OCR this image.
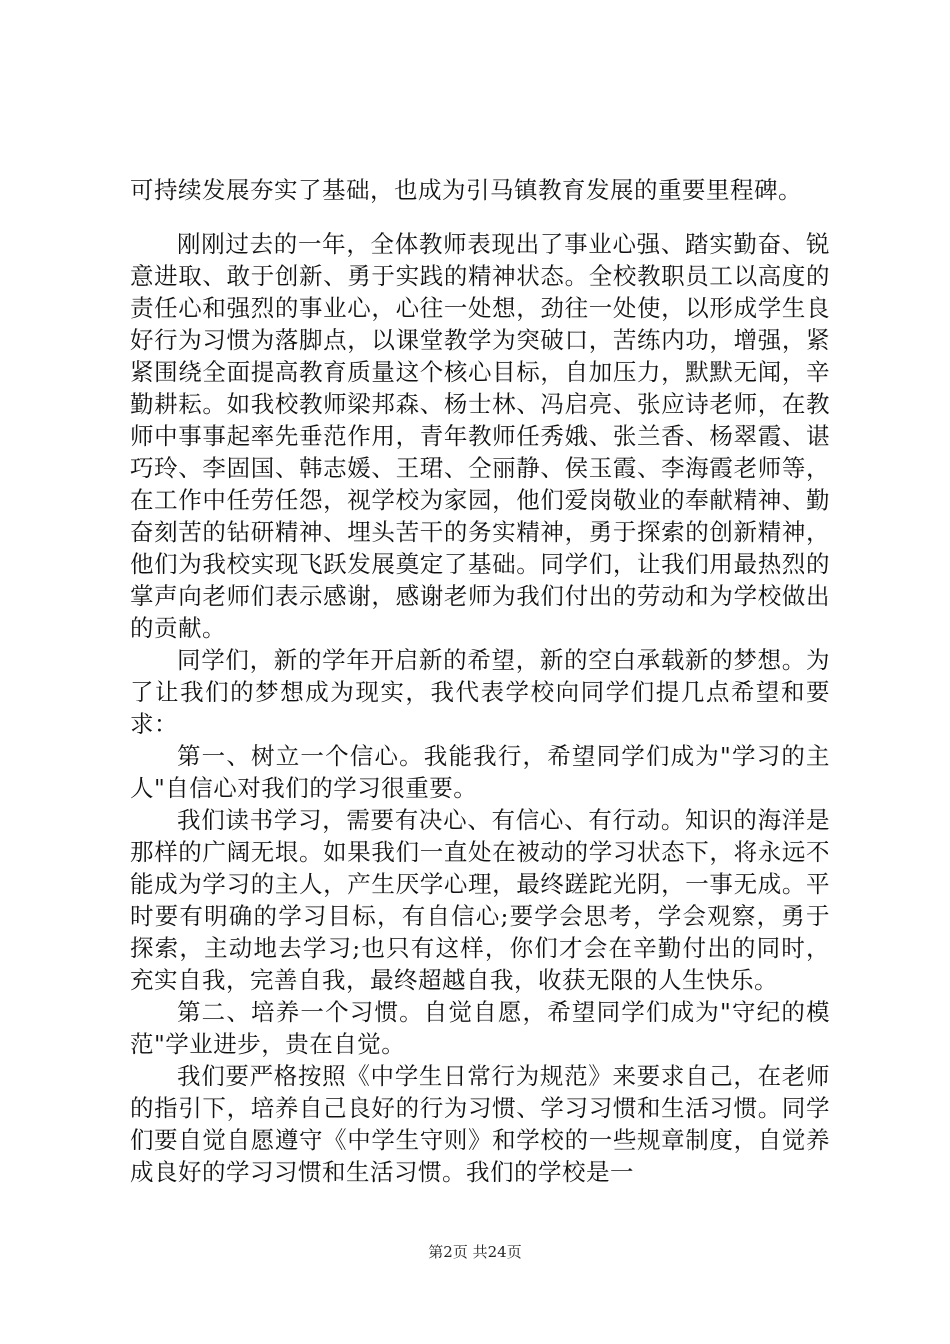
可持续发展夯实了基础，也成为引马镇教育发展的重要里程碑。

刚刚过去的一年，全体教师表现出了事业心强、踏实勤奋、锐意进取、敢于创新、勇于实践的精神状态。全校教职员工以高度的责任心和强烈的事业心，心往一处想，劲往一处使，以形成学生良好行为习惯为落脚点，以课堂教学为突破口，苦练内功，增强，紧紧围绕全面提高教育质量这个核心目标，自加压力，默默无闻，辛勤耕耘。如我校教师梁邦森、杨士林、冯启亮、张应诗老师，在教师中事事起率先垂范作用，青年教师任秀娥、张兰香、杨翠霞、谌巧玲、李固国、韩志媛、王珺、仝丽静、侯玉霞、李海霞老师等，在工作中任劳任怨，视学校为家园，他们爱岗敬业的奉献精神、勤奋刻苦的钻研精神、埋头苦干的务实精神，勇于探索的创新精神，他们为我校实现飞跃发展奠定了基础。同学们，让我们用最热烈的掌声向老师们表示感谢，感谢老师为我们付出的劳动和为学校做出的贡献。

同学们，新的学年开启新的希望，新的空白承载新的梦想。为了让我们的梦想成为现实，我代表学校向同学们提几点希望和要求：

第一、树立一个信心。我能我行，希望同学们成为"学习的主人"自信心对我们的学习很重要。

我们读书学习，需要有决心、有信心、有行动。知识的海洋是那样的广阔无垠。如果我们一直处在被动的学习状态下，将永远不能成为学习的主人，产生厌学心理，最终蹉跎光阴，一事无成。平时要有明确的学习目标，有自信心;要学会思考，学会观察，勇于探索，主动地去学习;也只有这样，你们才会在辛勤付出的同时，充实自我，完善自我，最终超越自我，收获无限的人生快乐。

第二、培养一个习惯。自觉自愿，希望同学们成为"守纪的模范"学业进步，贵在自觉。

我们要严格按照《中学生日常行为规范》来要求自己，在老师的指引下，培养自己良好的行为习惯、学习习惯和生活习惯。同学们要自觉自愿遵守《中学生守则》和学校的一些规章制度，自觉养成良好的学习习惯和生活习惯。我们的学校是一

第2页 共24页
